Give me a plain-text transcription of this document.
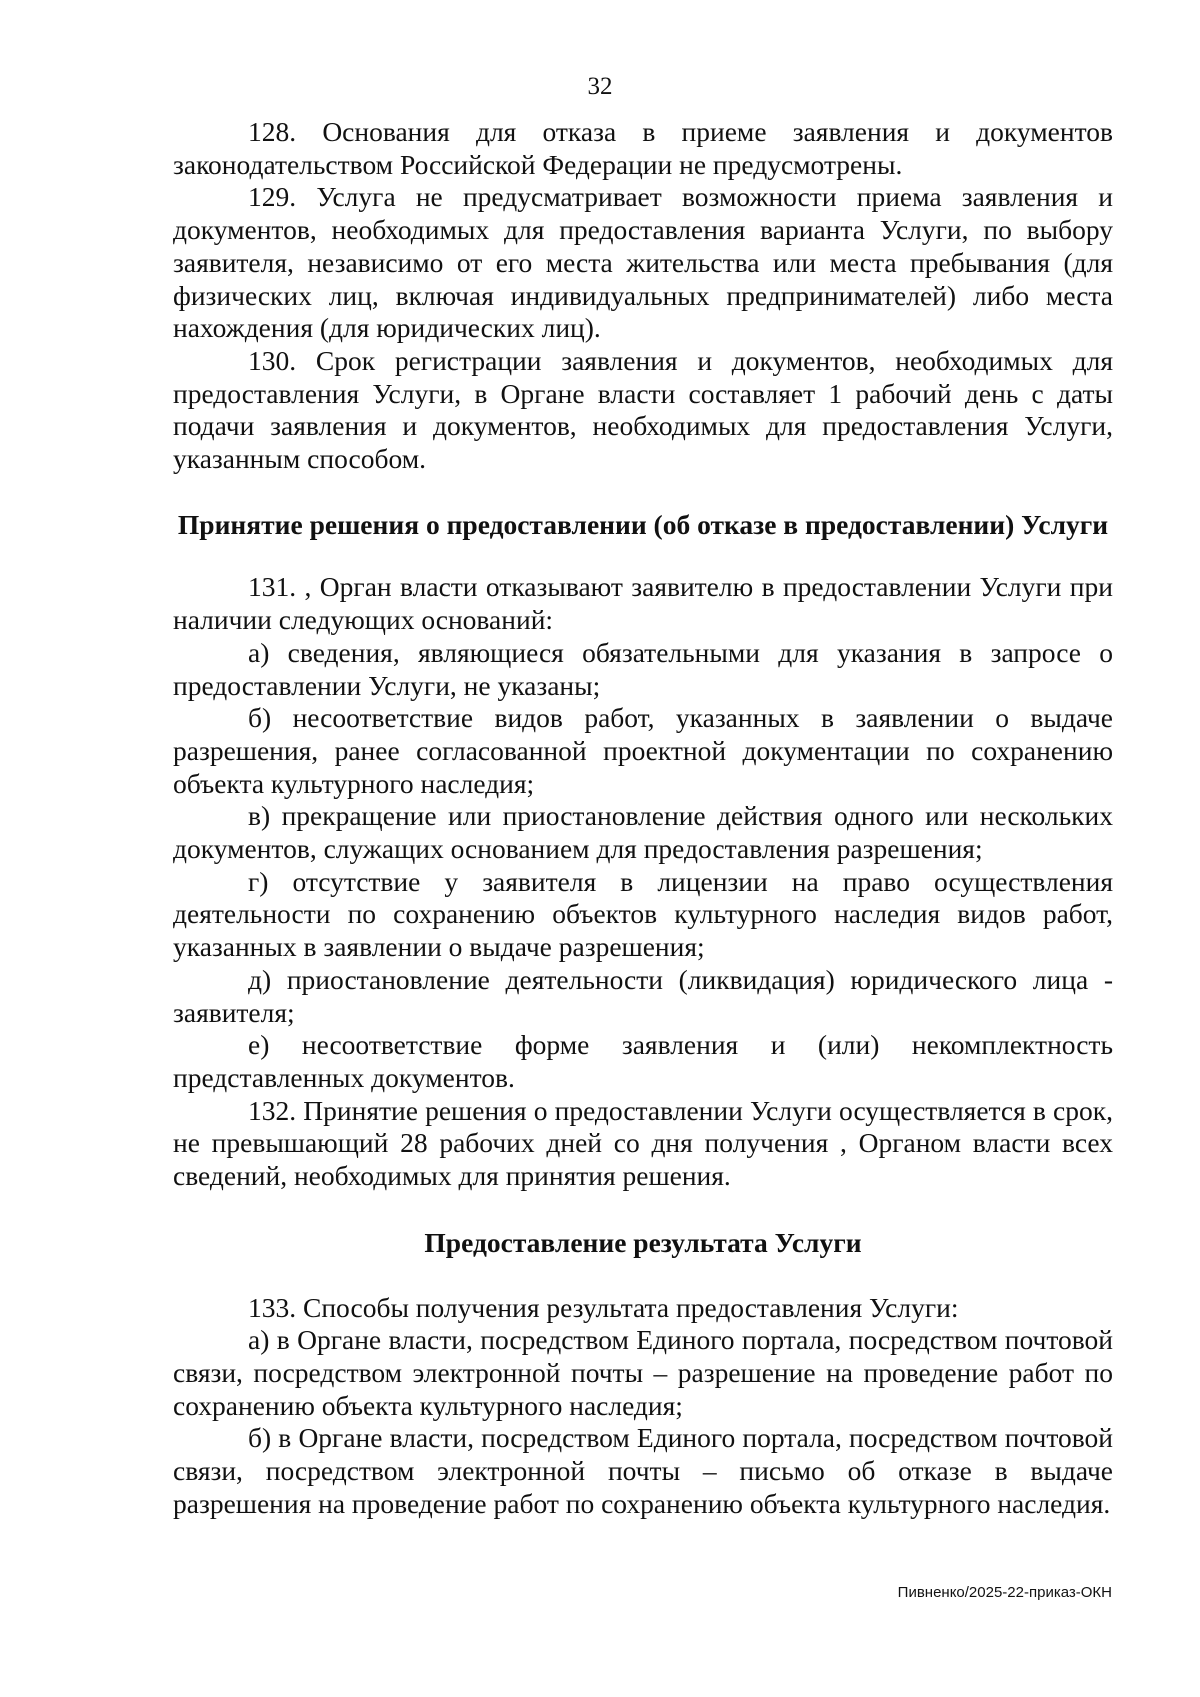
32

128. Основания для отказа в приеме заявления и документов законодательством Российской Федерации не предусмотрены.

129. Услуга не предусматривает возможности приема заявления и документов, необходимых для предоставления варианта Услуги, по выбору заявителя, независимо от его места жительства или места пребывания (для физических лиц, включая индивидуальных предпринимателей) либо места нахождения (для юридических лиц).

130. Срок регистрации заявления и документов, необходимых для предоставления Услуги, в Органе власти составляет 1 рабочий день с даты подачи заявления и документов, необходимых для предоставления Услуги, указанным способом.

Принятие решения о предоставлении (об отказе в предоставлении) Услуги

131. , Орган власти отказывают заявителю в предоставлении Услуги при наличии следующих оснований:

а) сведения, являющиеся обязательными для указания в запросе о предоставлении Услуги, не указаны;

б) несоответствие видов работ, указанных в заявлении о выдаче разрешения, ранее согласованной проектной документации по сохранению объекта культурного наследия;

в) прекращение или приостановление действия одного или нескольких документов, служащих основанием для предоставления разрешения;

г) отсутствие у заявителя в лицензии на право осуществления деятельности по сохранению объектов культурного наследия видов работ, указанных в заявлении о выдаче разрешения;

д) приостановление деятельности (ликвидация) юридического лица - заявителя;

е) несоответствие форме заявления и (или) некомплектность представленных документов.

132. Принятие решения о предоставлении Услуги осуществляется в срок, не превышающий 28 рабочих дней со дня получения , Органом власти всех сведений, необходимых для принятия решения.

Предоставление результата Услуги

133. Способы получения результата предоставления Услуги:

а) в Органе власти, посредством Единого портала, посредством почтовой связи, посредством электронной почты – разрешение на проведение работ по сохранению объекта культурного наследия;

б) в Органе власти, посредством Единого портала, посредством почтовой связи, посредством электронной почты – письмо об отказе в выдаче разрешения на проведение работ по сохранению объекта культурного наследия.

Пивненко/2025-22-приказ-ОКН
